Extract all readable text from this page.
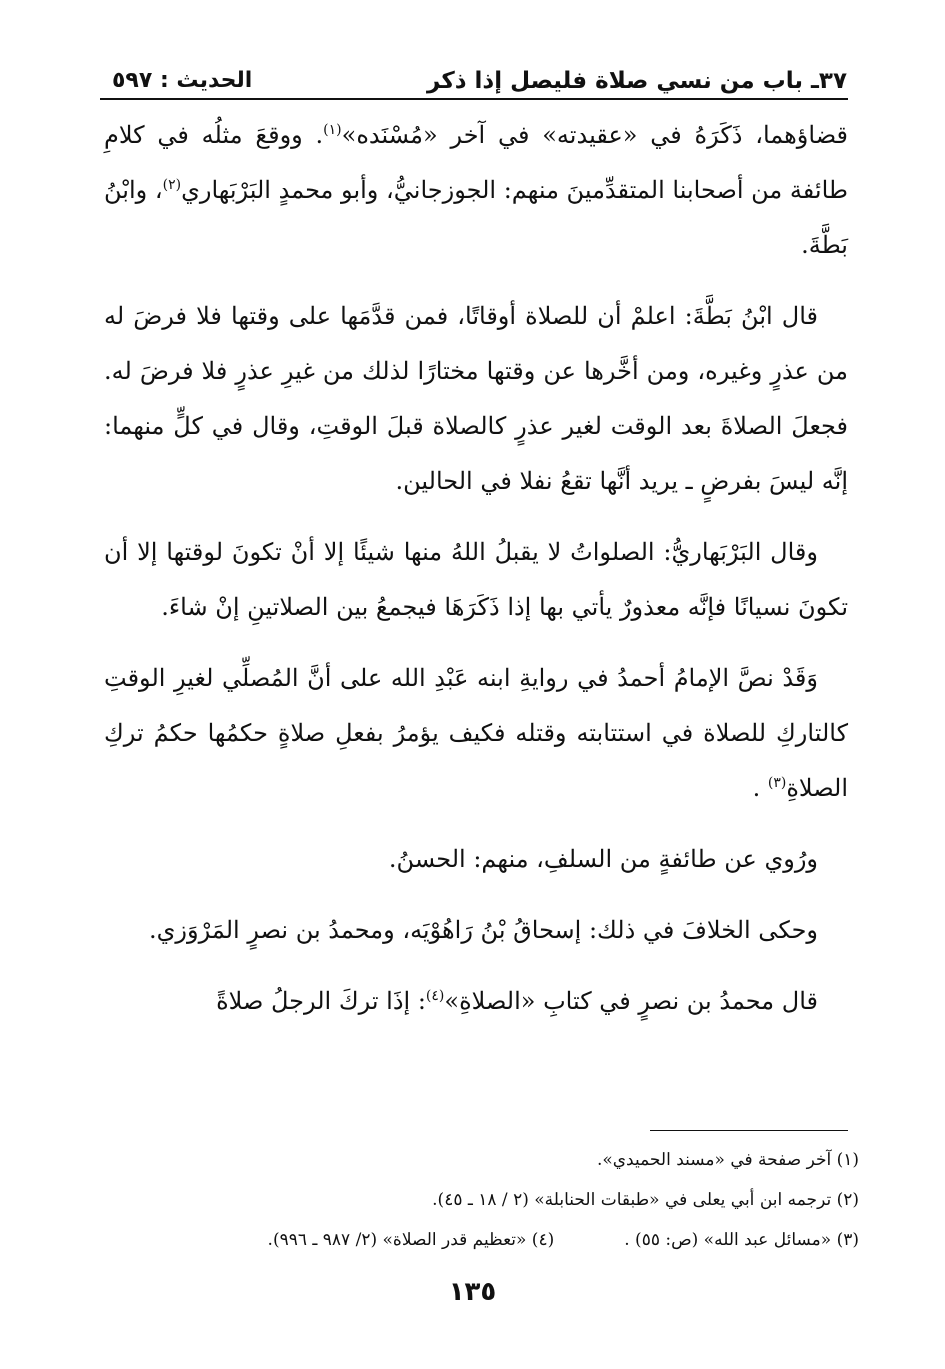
٣٧ـ باب من نسي صلاة فليصل إذا ذكر
الحديث : ٥٩٧

قضاؤهما، ذَكَرَهُ في «عقيدته» في آخر «مُسْنَده»$^{(١)}$. ووقعَ مثلُه في كلامِ طائفة من أصحابنا المتقدِّمينَ منهم: الجوزجانيُّ، وأبو محمدٍ البَرْبَهاري$^{(٢)}$، وابْنُ بَطَّةَ.

قال ابْنُ بَطَّةَ: اعلمْ أن للصلاة أوقاتًا، فمن قدَّمَها على وقتها فلا فرضَ له من عذرٍ وغيره، ومن أخَّرها عن وقتها مختارًا لذلك من غيرِ عذرٍ فلا فرضَ له. فجعلَ الصلاةَ بعد الوقت لغير عذرٍ كالصلاة قبلَ الوقتِ، وقال في كلٍّ منهما: إنَّه ليسَ بفرضٍ ـ يريد أنَّها تقعُ نفلا في الحالين.

وقال البَرْبَهاريُّ: الصلواتُ لا يقبلُ اللهُ منها شيئًا إلا أنْ تكونَ لوقتها إلا أن تكونَ نسيانًا فإنَّه معذورٌ يأتي بها إذا ذَكَرَهَا فيجمعُ بين الصلاتينِ إنْ شاءَ.

وَقَدْ نصَّ الإمامُ أحمدُ في روايةِ ابنه عَبْدِ الله على أنَّ المُصلِّي لغيرِ الوقتِ كالتاركِ للصلاة في استتابته وقتله فكيف يؤمرُ بفعلِ صلاةٍ حكمُها حكمُ تركِ الصلاةِ$^{(٣)}$ .

ورُوي عن طائفةٍ من السلفِ، منهم: الحسنُ.

وحكى الخلافَ في ذلك: إسحاقُ بْنُ رَاهُوْيَه، ومحمدُ بن نصرٍ المَرْوَزي.

قال محمدُ بن نصرٍ في كتابِ «الصلاةِ»$^{(٤)}$: إذَا تركَ الرجلُ صلاةً

(١) آخر صفحة في «مسند الحميدي».

(٢) ترجمه ابن أبي يعلى في «طبقات الحنابلة» (٢ / ١٨ ـ ٤٥).

(٣) «مسائل عبد الله» (ص: ٥٥) .
(٤) «تعظيم قدر الصلاة» (٢/ ٩٨٧ ـ ٩٩٦).
١٣٥
